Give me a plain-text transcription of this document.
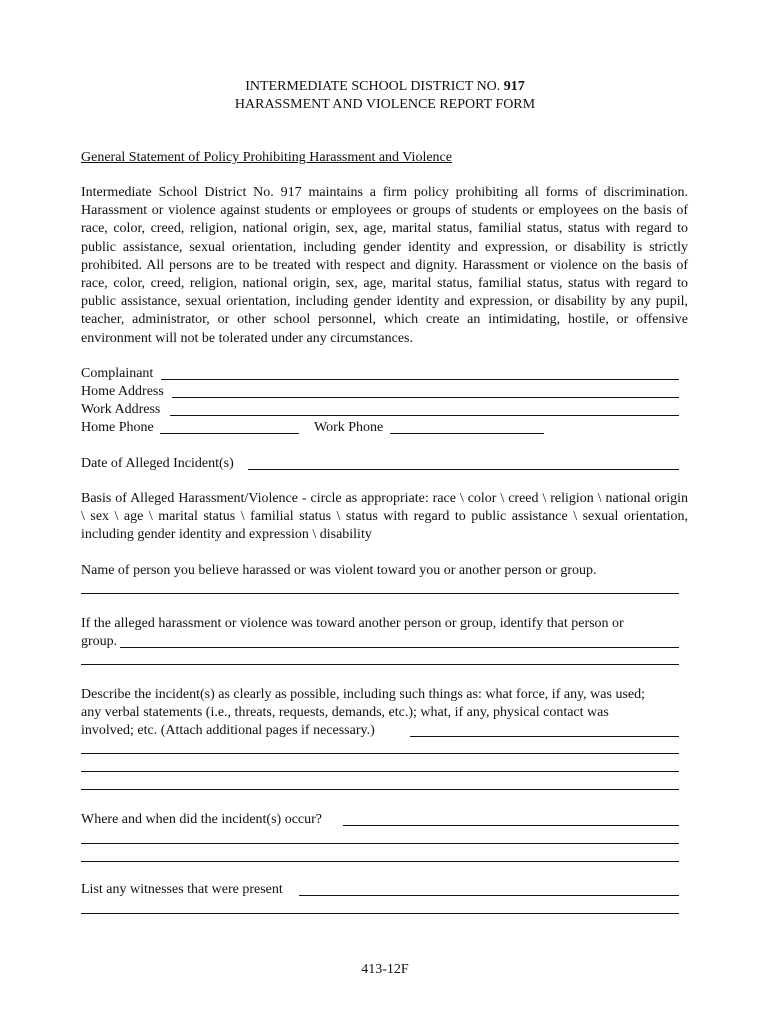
INTERMEDIATE SCHOOL DISTRICT NO. 917
HARASSMENT AND VIOLENCE REPORT FORM
General Statement of Policy Prohibiting Harassment and Violence
Intermediate School District No. 917 maintains a firm policy prohibiting all forms of discrimination. Harassment or violence against students or employees or groups of students or employees on the basis of race, color, creed, religion, national origin, sex, age, marital status, familial status, status with regard to public assistance, sexual orientation, including gender identity and expression, or disability is strictly prohibited. All persons are to be treated with respect and dignity. Harassment or violence on the basis of race, color, creed, religion, national origin, sex, age, marital status, familial status, status with regard to public assistance, sexual orientation, including gender identity and expression, or disability by any pupil, teacher, administrator, or other school personnel, which create an intimidating, hostile, or offensive environment will not be tolerated under any circumstances.
Complainant
Home Address
Work Address
Home Phone	Work Phone
Date of Alleged Incident(s)
Basis of Alleged Harassment/Violence - circle as appropriate: race \ color \ creed \ religion \ national origin \ sex \ age \ marital status \ familial status \ status with regard to public assistance \ sexual orientation, including gender identity and expression \ disability
Name of person you believe harassed or was violent toward you or another person or group.
If the alleged harassment or violence was toward another person or group, identify that person or
group.
Describe the incident(s) as clearly as possible, including such things as: what force, if any, was used;
any verbal statements (i.e., threats, requests, demands, etc.); what, if any, physical contact was
involved; etc. (Attach additional pages if necessary.)
Where and when did the incident(s) occur?
List any witnesses that were present
413-12F
